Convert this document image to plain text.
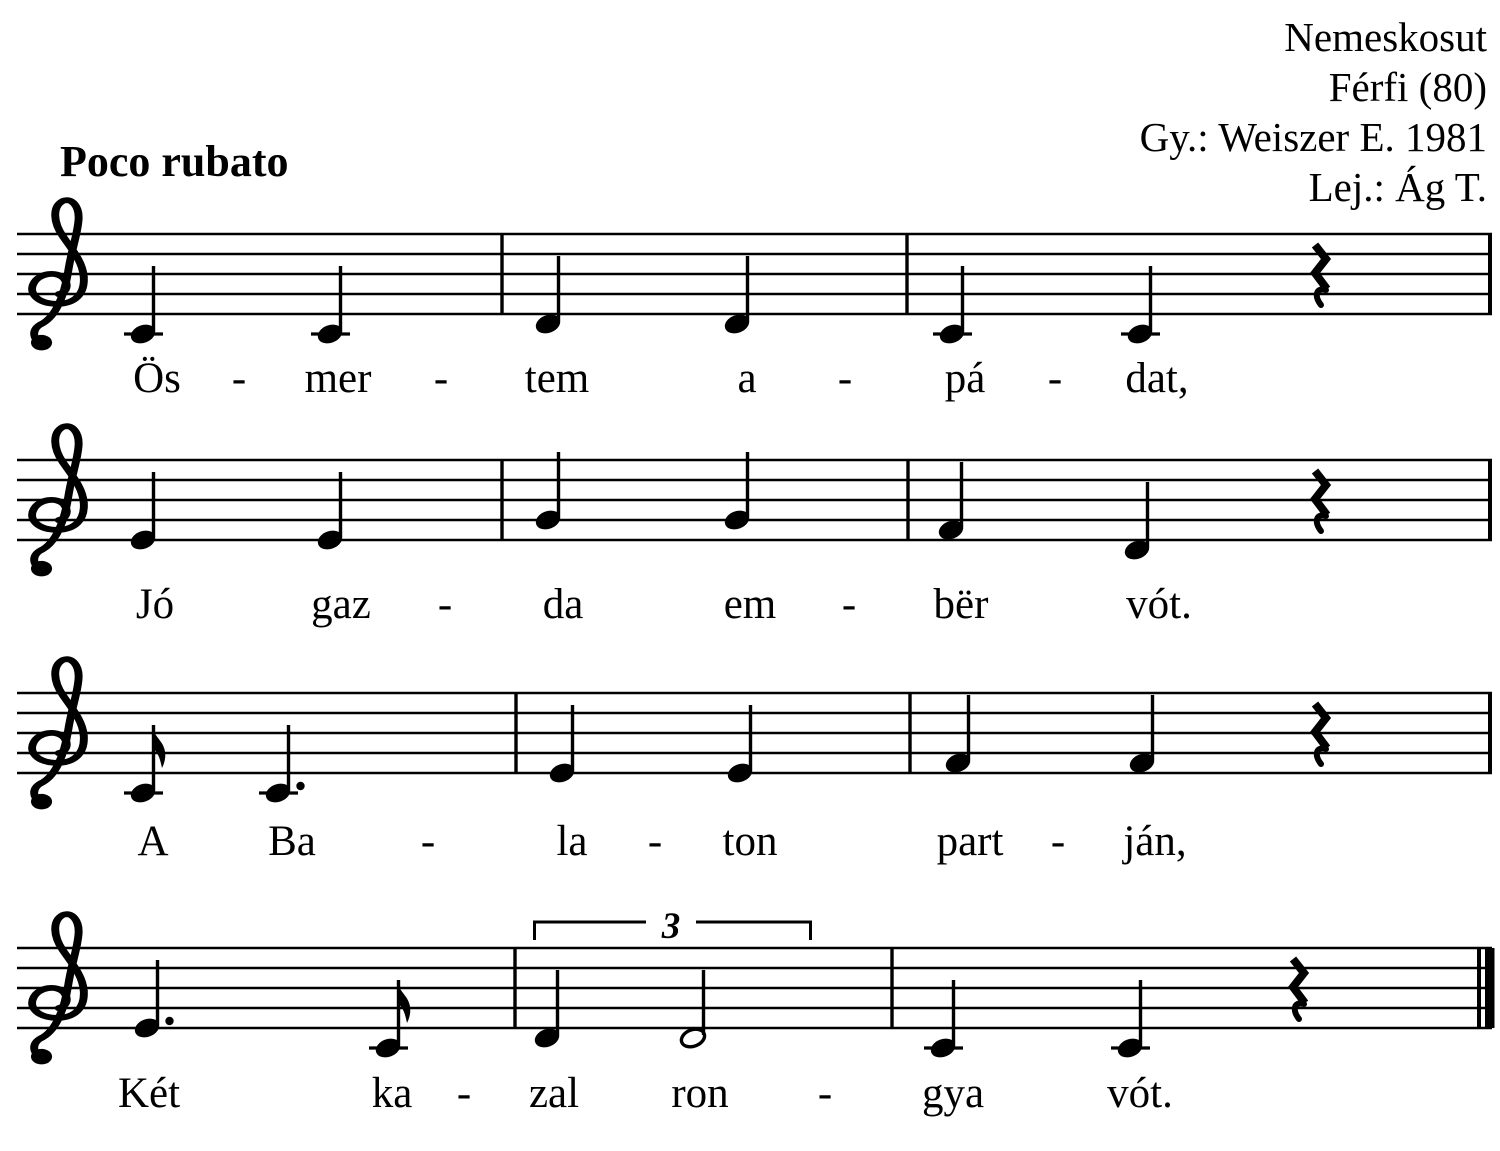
Nemeskosut
Férfi (80)
Gy.: Weiszer E. 1981
Lej.: Ág T.
Poco rubato
Ös	mer	tem	a	pá	dat,
-	-	-	-
Jó	gaz	da	em	bër	vót.
-	-
A Ba	la	ton	part	ján,
-	-	-
Két	ka	zal ron	gya	vót.
-	-
3
